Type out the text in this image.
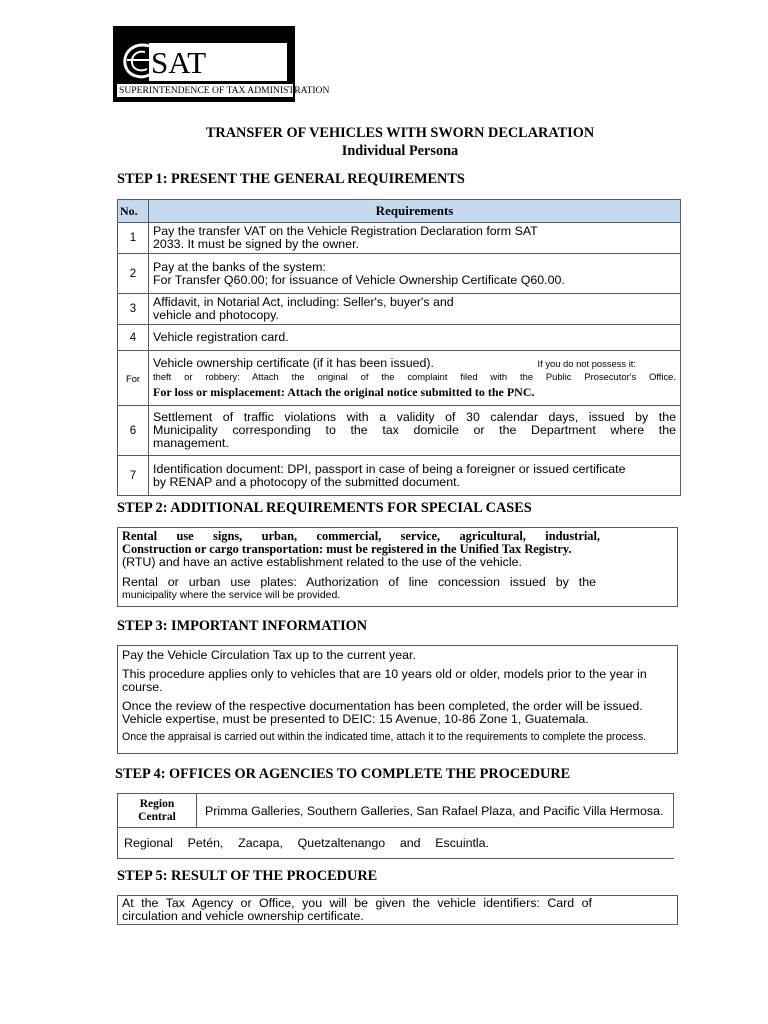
SAT
SUPERINTENDENCE OF TAX ADMINISTRATION
TRANSFER OF VEHICLES WITH SWORN DECLARATION
Individual Persona
STEP 1: PRESENT THE GENERAL REQUIREMENTS
No.	Requirements
1	Pay the transfer VAT on the Vehicle Registration Declaration form SAT
2033. It must be signed by the owner.

2	Pay at the banks of the system:
For Transfer Q60.00; for issuance of Vehicle Ownership Certificate Q60.00.

3	Affidavit, in Notarial Act, including: Seller's, buyer's and
vehicle and photocopy.

4	Vehicle registration card.
For	Vehicle ownership certificate (if it has been issued). If you do not possess it:
theft or robbery: Attach the original of the complaint filed with the Public Prosecutor's Office.
For loss or misplacement: Attach the original notice submitted to the PNC.

6	Settlement of traffic violations with a validity of 30 calendar days, issued by the
Municipality corresponding to the tax domicile or the Department where the
management.

7	Identification document: DPI, passport in case of being a foreigner or issued certificate
by RENAP and a photocopy of the submitted document.
STEP 2: ADDITIONAL REQUIREMENTS FOR SPECIAL CASES

Rental use signs, urban, commercial, service, agricultural, industrial,

Construction or cargo transportation: must be registered in the Unified Tax Registry.

(RTU) and have an active establishment related to the use of the vehicle.

Rental or urban use plates: Authorization of line concession issued by the

municipality where the service will be provided.

STEP 3: IMPORTANT INFORMATION

Pay the Vehicle Circulation Tax up to the current year.

This procedure applies only to vehicles that are 10 years old or older, models prior to the year in

course.

Once the review of the respective documentation has been completed, the order will be issued.

Vehicle expertise, must be presented to DEIC: 15 Avenue, 10-86 Zone 1, Guatemala.

Once the appraisal is carried out within the indicated time, attach it to the requirements to complete the process.

STEP 4: OFFICES OR AGENCIES TO COMPLETE THE PROCEDURE
Region
Central	Primma Galleries, Southern Galleries, San Rafael Plaza, and Pacific Villa Hermosa.

Regional Petén, Zacapa, Quetzaltenango and Escuintla.
STEP 5: RESULT OF THE PROCEDURE

At the Tax Agency or Office, you will be given the vehicle identifiers: Card of

circulation and vehicle ownership certificate.
